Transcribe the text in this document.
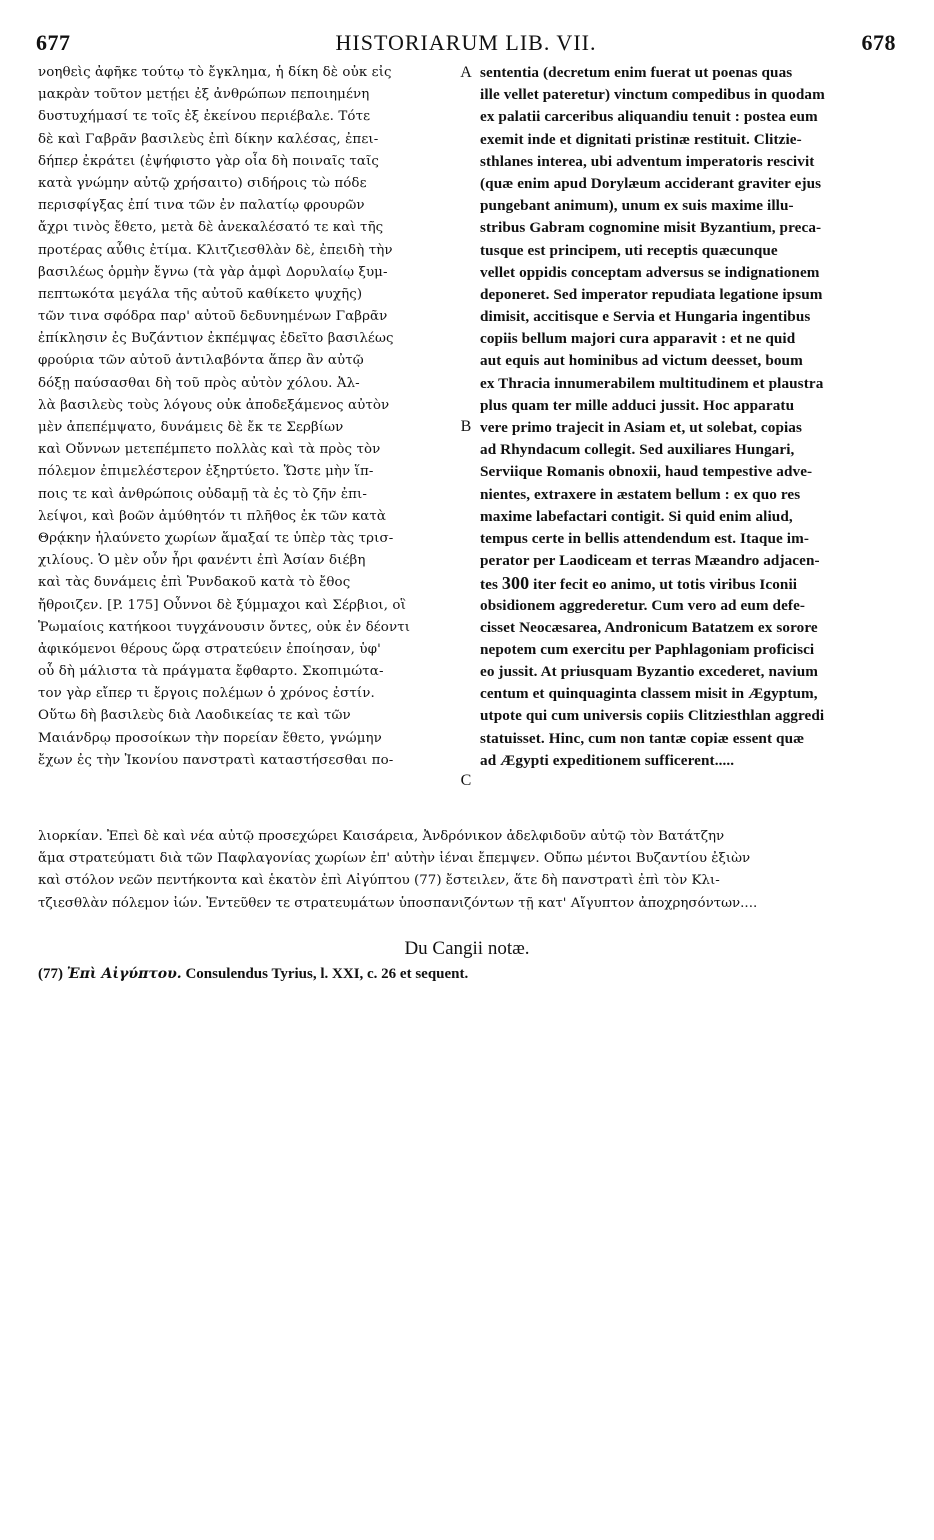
677	HISTORIARUM LIB. VII.	678
νοηθεὶς ἀφῆκε τούτῳ τὸ ἔγκλημα, ἡ δίκη δὲ οὐκ εἰς
μακρὰν τοῦτον μετῄει ἐξ ἀνθρώπων πεποιημένη
δυστυχήμασί τε τοῖς ἐξ ἐκείνου περιέβαλε. Τότε
δὲ καὶ Γαβρᾶν βασιλεὺς ἐπὶ δίκην καλέσας, ἐπει-
δήπερ ἐκράτει (ἐψήφιστο γὰρ οἷα δὴ ποιναῖς ταῖς
κατὰ γνώμην αὐτῷ χρήσαιτο) σιδήροις τὼ πόδε
περισφίγξας ἐπί τινα τῶν ἐν παλατίῳ φρουρῶν
ἄχρι τινὸς ἔθετο, μετὰ δὲ ἀνεκαλέσατό τε καὶ τῆς
προτέρας αὖθις ἐτίμα. Κλιτζιεσθλὰν δὲ, ἐπειδὴ τὴν
βασιλέως ὁρμὴν ἔγνω (τὰ γὰρ ἀμφὶ Δορυλαίῳ ξυμ-
πεπτωκότα μεγάλα τῆς αὐτοῦ καθίκετο ψυχῆς)
τῶν τινα σφόδρα παρ' αὐτοῦ δεδυνημένων Γαβρᾶν
ἐπίκλησιν ἐς Βυζάντιον ἐκπέμψας ἐδεῖτο βασιλέως
φρούρια τῶν αὐτοῦ ἀντιλαβόντα ἅπερ ἂν αὐτῷ
δόξῃ παύσασθαι δὴ τοῦ πρὸς αὐτὸν χόλου. Ἀλ-
λὰ βασιλεὺς τοὺς λόγους οὐκ ἀποδεξάμενος αὐτὸν
μὲν ἀπεπέμψατο, δυνάμεις δὲ ἔκ τε Σερβίων
καὶ Οὔννων μετεπέμπετο πολλὰς καὶ τὰ πρὸς τὸν
πόλεμον ἐπιμελέστερον ἐξηρτύετο. Ὥστε μὴν ἵπ-
ποις τε καὶ ἀνθρώποις οὐδαμῇ τὰ ἐς τὸ ζῆν ἐπι-
λείψοι, καὶ βοῶν ἀμύθητόν τι πλῆθος ἐκ τῶν κατὰ
Θρᾴκην ἠλαύνετο χωρίων ἅμαξαί τε ὑπὲρ τὰς τρισ-
χιλίους. Ὁ μὲν οὖν ἦρι φανέντι ἐπὶ Ἀσίαν διέβη
καὶ τὰς δυνάμεις ἐπὶ Ῥυνδακοῦ κατὰ τὸ ἔθος
ἤθροιζεν. [P. 175] Οὖννοι δὲ ξύμμαχοι καὶ Σέρβιοι, οἳ
Ῥωμαίοις κατήκοοι τυγχάνουσιν ὄντες, οὐκ ἐν δέοντι
ἀφικόμενοι θέρους ὥρᾳ στρατεύειν ἐποίησαν, ὑφ'
οὗ δὴ μάλιστα τὰ πράγματα ἔφθαρτο. Σκοπιμώτα-
τον γὰρ εἴπερ τι ἔργοις πολέμων ὁ χρόνος ἐστίν.
Οὕτω δὴ βασιλεὺς διὰ Λαοδικείας τε καὶ τῶν
Μαιάνδρῳ προσοίκων τὴν πορείαν ἔθετο, γνώμην
ἔχων ἐς τὴν Ἰκονίου πανστρατὶ καταστήσεσθαι πο-
sententia (decretum enim fuerat ut poenas quas
ille vellet pateretur) vinctum compedibus in quodam
ex palatii carceribus aliquandiu tenuit : postea eum
exemit inde et dignitati pristinæ restituit. Clitzie-
sthlanes interea, ubi adventum imperatoris rescivit
(quæ enim apud Dorylæum acciderant graviter ejus
pungebant animum), unum ex suis maxime illu-
stribus Gabram cognomine misit Byzantium, preca-
tusque est principem, uti receptis quæcunque
vellet oppidis conceptam adversus se indignationem
deponeret. Sed imperator repudiata legatione ipsum
dimisit, accitisque e Servia et Hungaria ingentibus
copiis bellum majori cura apparavit : et ne quid
aut equis aut hominibus ad victum deesset, boum
ex Thracia innumerabilem multitudinem et plaustra
plus quam ter mille adduci jussit. Hoc apparatu
vere primo trajecit in Asiam et, ut solebat, copias
ad Rhyndacum collegit. Sed auxiliares Hungari,
Serviique Romanis obnoxii, haud tempestive adve-
nientes, extraxere in æstatem bellum : ex quo res
maxime labefactari contigit. Si quid enim aliud,
tempus certe in bellis attendendum est. Itaque im-
perator per Laodiceam et terras Mæandro adjacen-
tes 300 iter fecit eo animo, ut totis viribus Iconii
obsidionem aggrederetur. Cum vero ad eum defe-
cisset Neocæsarea, Andronicum Batatzem ex sorore
nepotem cum exercitu per Paphlagoniam proficisci
eo jussit. At priusquam Byzantio excederet, navium
centum et quinquaginta classem misit in Ægyptum,
utpote qui cum universis copiis Clitziesthlan aggredi
statuisset. Hinc, cum non tantæ copiæ essent quæ
ad Ægypti expeditionem sufficerent.....
A
B
C
λιορκίαν. Ἐπεὶ δὲ καὶ νέα αὐτῷ προσεχώρει Καισάρεια, Ἀνδρόνικον ἀδελφιδοῦν αὐτῷ τὸν Βατάτζην
ἅμα στρατεύματι διὰ τῶν Παφλαγονίας χωρίων ἐπ' αὐτὴν ἰέναι ἔπεμψεν. Οὔπω μέντοι Βυζαντίου ἐξιὼν
καὶ στόλον νεῶν πεντήκοντα καὶ ἑκατὸν ἐπὶ Αἰγύπτου (77) ἔστειλεν, ἅτε δὴ πανστρατὶ ἐπὶ τὸν Κλι-
τζιεσθλὰν πόλεμον ἰών. Ἐντεῦθεν τε στρατευμάτων ὑποσπανιζόντων τῇ κατ' Αἴγυπτον ἀποχρησόντων....
Du Cangii notæ.
(77) Ἐπὶ Αἰγύπτου. Consulendus Tyrius, l. XXI, c. 26 et sequent.
